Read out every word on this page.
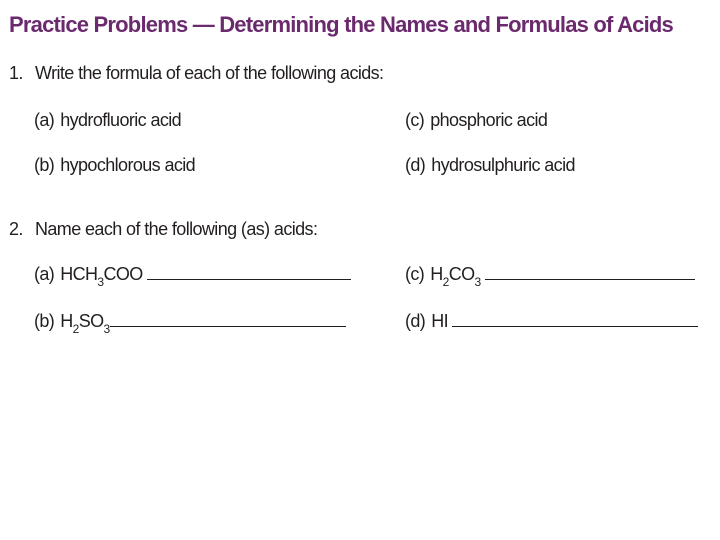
Practice Problems — Determining the Names and Formulas of Acids
1. Write the formula of each of the following acids:
(a) hydrofluoric acid
(b) hypochlorous acid
(c) phosphoric acid
(d) hydrosulphuric acid
2. Name each of the following (as) acids:
(a) $HCH_3COO$
(b) $H_2SO_3$
(c) $H_2CO_3$
(d) HI
